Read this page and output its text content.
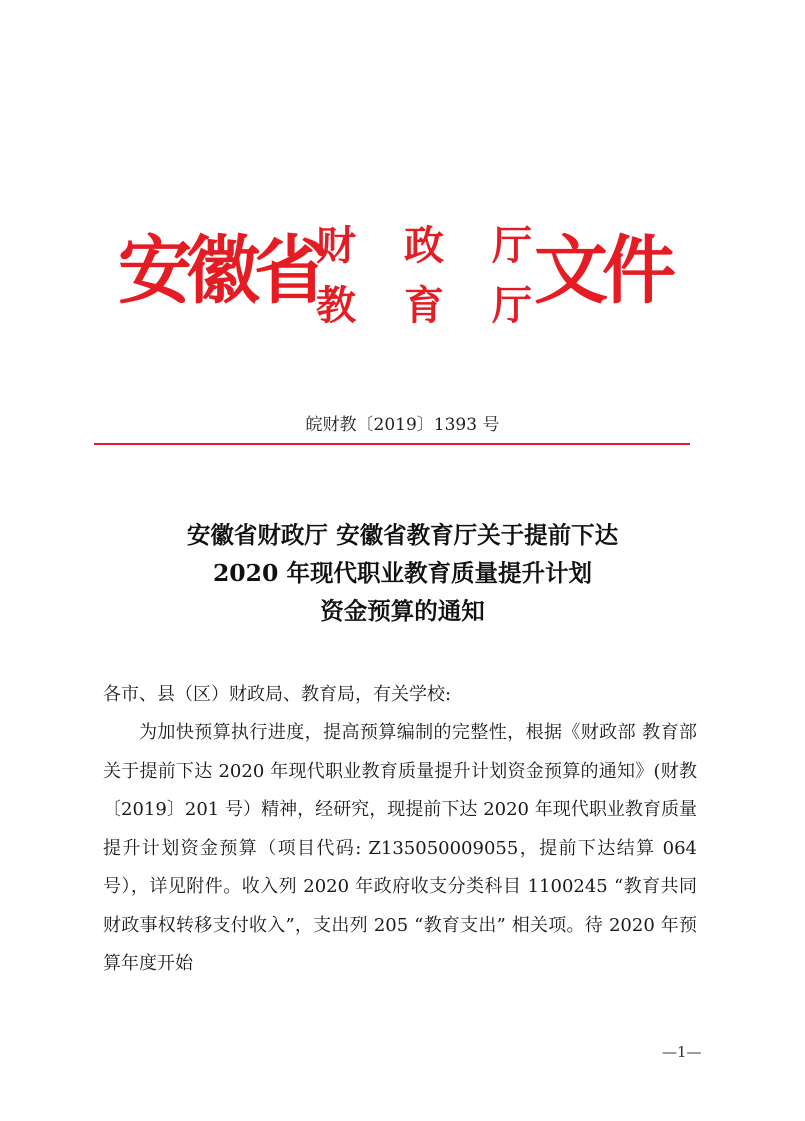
安徽省
财 政 厅
教 育 厅 文件
皖财教〔2019〕1393 号
安徽省财政厅 安徽省教育厅关于提前下达
2020 年现代职业教育质量提升计划
资金预算的通知
各市、县（区）财政局、教育局，有关学校:

为加快预算执行进度，提高预算编制的完整性，根据《财政部 教育部关于提前下达 2020 年现代职业教育质量提升计划资金预算的通知》(财教〔2019〕201 号）精神，经研究，现提前下达 2020 年现代职业教育质量提升计划资金预算（项目代码: Z135050009055，提前下达结算 064 号），详见附件。收入列 2020 年政府收支分类科目 1100245 “教育共同财政事权转移支付收入”，支出列 205 “教育支出” 相关项。待 2020 年预算年度开始

—1—
